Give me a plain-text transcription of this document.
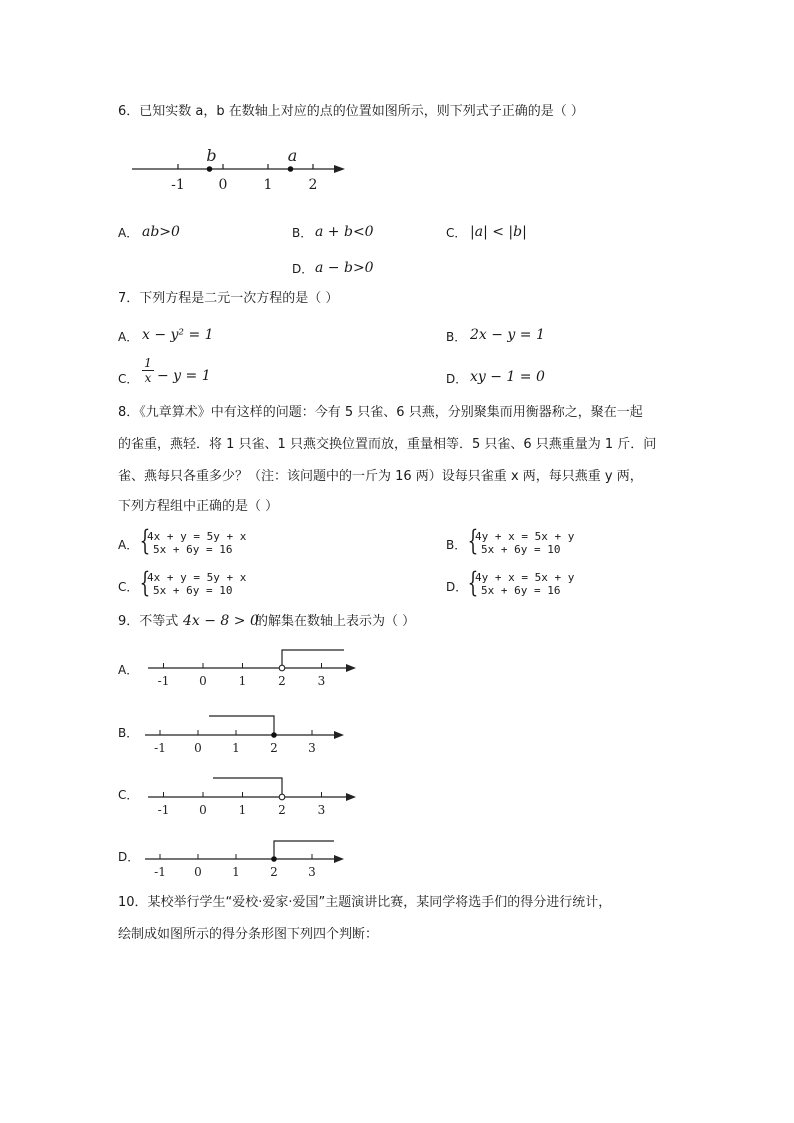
6．已知实数 a，b 在数轴上对应的点的位置如图所示，则下列式子正确的是（ ）
-1 0	1	2
b	a
A． ab>0	B． a + b<0	C． |a| < |b|
D． a − b>0
7．下列方程是二元一次方程的是（ ）
A． x − y² = 1	B． 2x − y = 1
C． $\frac{1}{x} - y = 1$	D． xy − 1 = 0
8．《九章算术》中有这样的问题：今有 5 只雀、6 只燕，分别聚集而用衡器称之，聚在一起
的雀重，燕轻．将 1 只雀、1 只燕交换位置而放，重量相等．5 只雀、6 只燕重量为 1 斤．问
雀、燕每只各重多少？（注：该问题中的一斤为 16 两）设每只雀重 x 两，每只燕重 y 两，
下列方程组中正确的是（ ）
A． {
4x + y = 5y + x
5x + 6y = 16	B． {
4y + x = 5x + y
5x + 6y = 10
C． {
4x + y = 5y + x
5x + 6y = 10	D． {
4y + x = 5x + y
5x + 6y = 16
9．不等式 4x − 8 > 0
的解集在数轴上表示为（ ）
A．
B．
C．
D．
-1 0	1	2	3
-1 0	1	2	3
-1 0	1	2	3
-1 0	1	2	3
10．某校举行学生“爱校·爱家·爱国”主题演讲比赛，某同学将选手们的得分进行统计，
绘制成如图所示的得分条形图下列四个判断：
